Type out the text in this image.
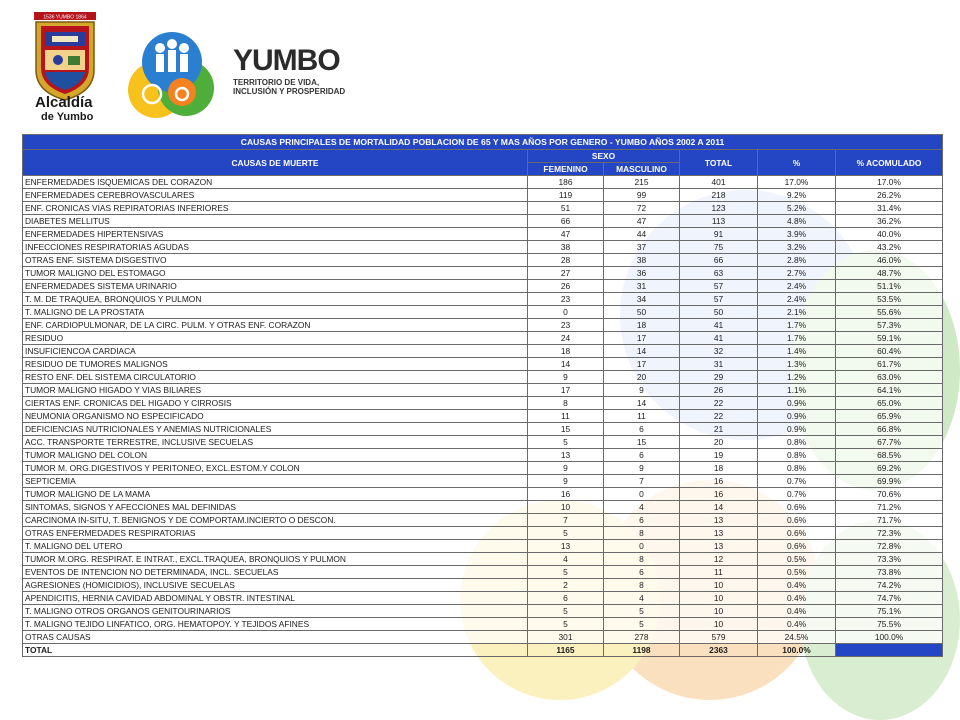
1536 YUMBO 1864
Alcaldía
de Yumbo
YUMBO
TERRITORIO DE VIDA,
INCLUSIÓN Y PROSPERIDAD
CAUSAS PRINCIPALES DE MORTALIDAD POBLACION DE 65 Y MAS AÑOS POR GENERO - YUMBO AÑOS 2002 A 2011					
CAUSAS DE MUERTE	SEXO		TOTAL	%	% ACOMULADO
	FEMENINO	MASCULINO			
ENFERMEDADES ISQUEMICAS DEL CORAZON	186	215	401	17.0%	17.0%
ENFERMEDADES CEREBROVASCULARES	119	99	218	9.2%	26.2%
ENF. CRONICAS VIAS REPIRATORIAS INFERIORES	51	72	123	5.2%	31.4%
DIABETES MELLITUS	66	47	113	4.8%	36.2%
ENFERMEDADES HIPERTENSIVAS	47	44	91	3.9%	40.0%
INFECCIONES RESPIRATORIAS AGUDAS	38	37	75	3.2%	43.2%
OTRAS ENF. SISTEMA DISGESTIVO	28	38	66	2.8%	46.0%
TUMOR MALIGNO DEL ESTOMAGO	27	36	63	2.7%	48.7%
ENFERMEDADES SISTEMA URINARIO	26	31	57	2.4%	51.1%
T. M. DE TRAQUEA, BRONQUIOS Y PULMON	23	34	57	2.4%	53.5%
T. MALIGNO DE LA PROSTATA	0	50	50	2.1%	55.6%
ENF. CARDIOPULMONAR, DE LA CIRC. PULM. Y OTRAS ENF. CORAZON	23	18	41	1.7%	57.3%
RESIDUO	24	17	41	1.7%	59.1%
INSUFICIENCOA CARDIACA	18	14	32	1.4%	60.4%
RESIDUO DE TUMORES MALIGNOS	14	17	31	1.3%	61.7%
RESTO ENF. DEL SISTEMA CIRCULATORIO	9	20	29	1.2%	63.0%
TUMOR MALIGNO HIGADO Y VIAS BILIARES	17	9	26	1.1%	64.1%
CIERTAS ENF. CRONICAS DEL HIGADO Y CIRROSIS	8	14	22	0.9%	65.0%
NEUMONIA ORGANISMO NO ESPECIFICADO	11	11	22	0.9%	65.9%
DEFICIENCIAS NUTRICIONALES Y ANEMIAS NUTRICIONALES	15	6	21	0.9%	66.8%
ACC. TRANSPORTE TERRESTRE, INCLUSIVE SECUELAS	5	15	20	0.8%	67.7%
TUMOR MALIGNO DEL COLON	13	6	19	0.8%	68.5%
TUMOR M. ORG.DIGESTIVOS Y PERITONEO, EXCL.ESTOM.Y COLON	9	9	18	0.8%	69.2%
SEPTICEMIA	9	7	16	0.7%	69.9%
TUMOR MALIGNO DE LA MAMA	16	0	16	0.7%	70.6%
SINTOMAS, SIGNOS Y AFECCIONES MAL DEFINIDAS	10	4	14	0.6%	71.2%
CARCINOMA IN-SITU, T. BENIGNOS Y DE COMPORTAM.INCIERTO O DESCON.	7	6	13	0.6%	71.7%
OTRAS ENFERMEDADES RESPIRATORIAS	5	8	13	0.6%	72.3%
T. MALIGNO DEL UTERO	13	0	13	0.6%	72.8%
TUMOR M.ORG. RESPIRAT. E INTRAT., EXCL.TRAQUEA, BRONQUIOS Y PULMON	4	8	12	0.5%	73.3%
EVENTOS DE INTENCION NO DETERMINADA, INCL. SECUELAS	5	6	11	0.5%	73.8%
AGRESIONES (HOMICIDIOS), INCLUSIVE SECUELAS	2	8	10	0.4%	74.2%
APENDICITIS, HERNIA CAVIDAD ABDOMINAL Y OBSTR. INTESTINAL	6	4	10	0.4%	74.7%
T. MALIGNO OTROS ORGANOS GENITOURINARIOS	5	5	10	0.4%	75.1%
T. MALIGNO TEJIDO LINFATICO, ORG. HEMATOPOY. Y TEJIDOS AFINES	5	5	10	0.4%	75.5%
OTRAS CAUSAS	301	278	579	24.5%	100.0%
TOTAL	1165	1198	2363	100.0%	
